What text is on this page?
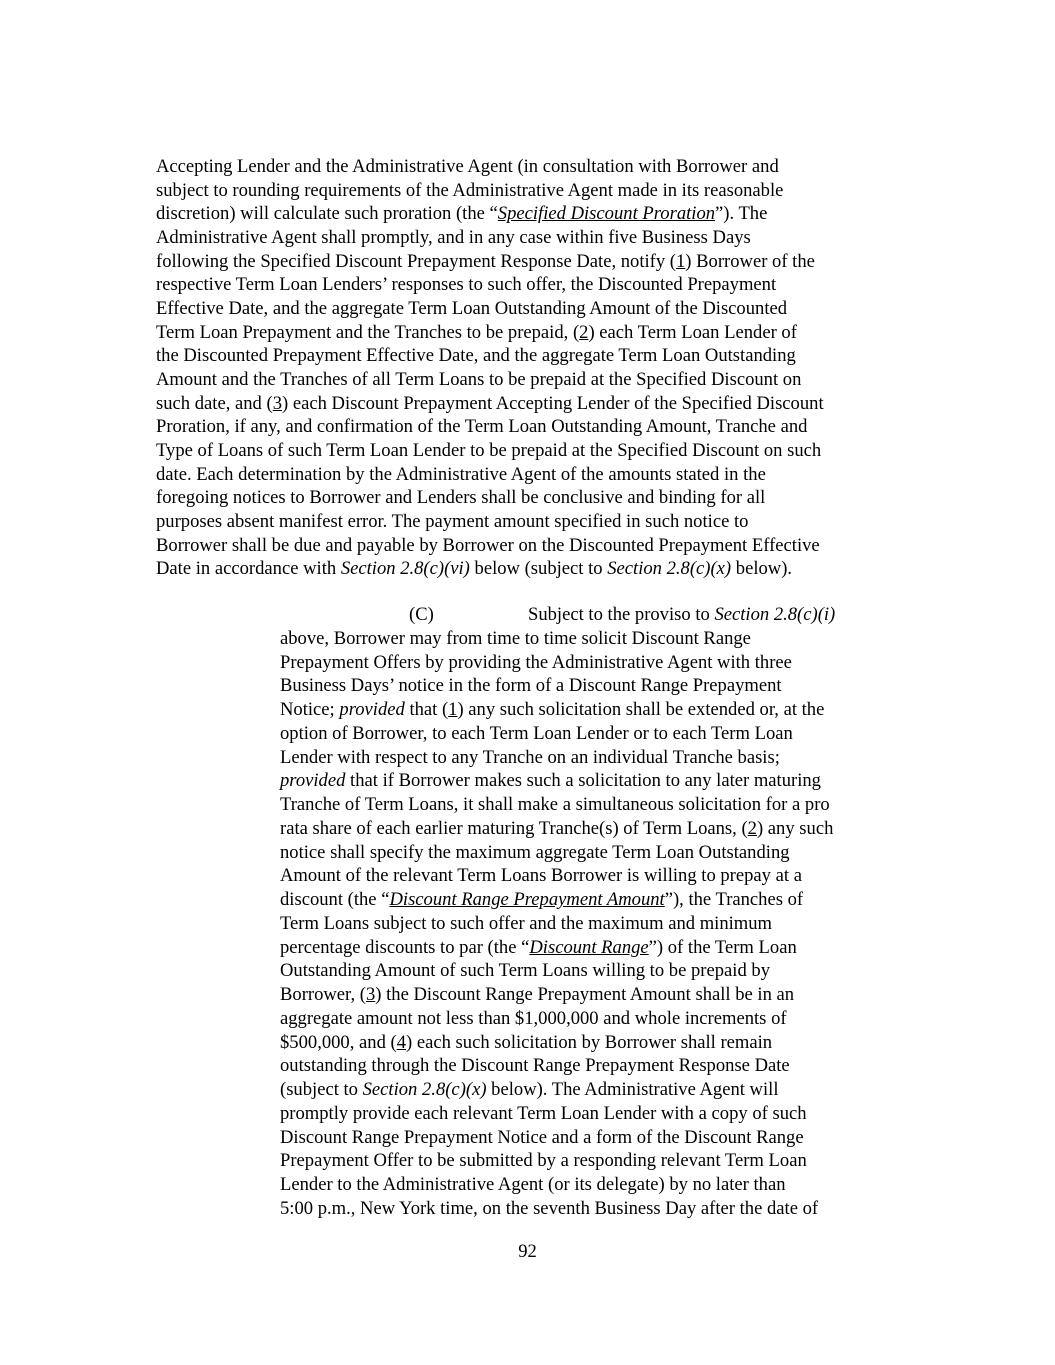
Accepting Lender and the Administrative Agent (in consultation with Borrower and
subject to rounding requirements of the Administrative Agent made in its reasonable
discretion) will calculate such proration (the “Specified Discount Proration”). The
Administrative Agent shall promptly, and in any case within five Business Days
following the Specified Discount Prepayment Response Date, notify (1) Borrower of the
respective Term Loan Lenders’ responses to such offer, the Discounted Prepayment
Effective Date, and the aggregate Term Loan Outstanding Amount of the Discounted
Term Loan Prepayment and the Tranches to be prepaid, (2) each Term Loan Lender of
the Discounted Prepayment Effective Date, and the aggregate Term Loan Outstanding
Amount and the Tranches of all Term Loans to be prepaid at the Specified Discount on
such date, and (3) each Discount Prepayment Accepting Lender of the Specified Discount
Proration, if any, and confirmation of the Term Loan Outstanding Amount, Tranche and
Type of Loans of such Term Loan Lender to be prepaid at the Specified Discount on such
date. Each determination by the Administrative Agent of the amounts stated in the
foregoing notices to Borrower and Lenders shall be conclusive and binding for all
purposes absent manifest error. The payment amount specified in such notice to
Borrower shall be due and payable by Borrower on the Discounted Prepayment Effective
Date in accordance with Section 2.8(c)(vi) below (subject to Section 2.8(c)(x) below).
(C)	Subject to the proviso to Section 2.8(c)(i)
above, Borrower may from time to time solicit Discount Range
Prepayment Offers by providing the Administrative Agent with three
Business Days’ notice in the form of a Discount Range Prepayment
Notice; provided that (1) any such solicitation shall be extended or, at the
option of Borrower, to each Term Loan Lender or to each Term Loan
Lender with respect to any Tranche on an individual Tranche basis;
provided that if Borrower makes such a solicitation to any later maturing
Tranche of Term Loans, it shall make a simultaneous solicitation for a pro
rata share of each earlier maturing Tranche(s) of Term Loans, (2) any such
notice shall specify the maximum aggregate Term Loan Outstanding
Amount of the relevant Term Loans Borrower is willing to prepay at a
discount (the “Discount Range Prepayment Amount”), the Tranches of
Term Loans subject to such offer and the maximum and minimum
percentage discounts to par (the “Discount Range”) of the Term Loan
Outstanding Amount of such Term Loans willing to be prepaid by
Borrower, (3) the Discount Range Prepayment Amount shall be in an
aggregate amount not less than $1,000,000 and whole increments of
$500,000, and (4) each such solicitation by Borrower shall remain
outstanding through the Discount Range Prepayment Response Date
(subject to Section 2.8(c)(x) below). The Administrative Agent will
promptly provide each relevant Term Loan Lender with a copy of such
Discount Range Prepayment Notice and a form of the Discount Range
Prepayment Offer to be submitted by a responding relevant Term Loan
Lender to the Administrative Agent (or its delegate) by no later than
5:00 p.m., New York time, on the seventh Business Day after the date of
92
